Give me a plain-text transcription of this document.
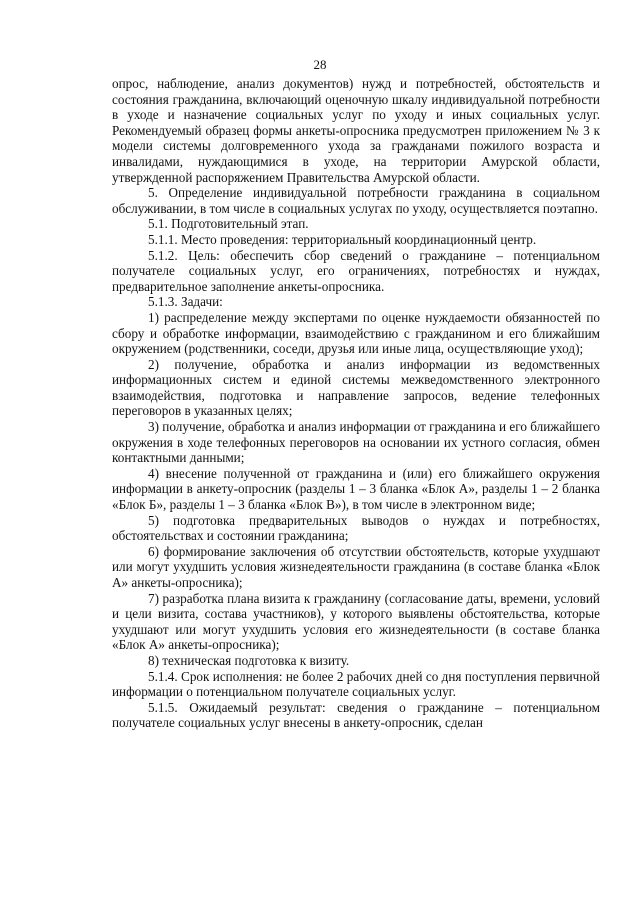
28

опрос, наблюдение, анализ документов) нужд и потребностей, обстоятельств и состояния гражданина, включающий оценочную шкалу индивидуальной потребности в уходе и назначение социальных услуг по уходу и иных социальных услуг. Рекомендуемый образец формы анкеты-опросника предусмотрен приложением № 3 к модели системы долговременного ухода за гражданами пожилого возраста и инвалидами, нуждающимися в уходе, на территории Амурской области, утвержденной распоряжением Правительства Амурской области.

5. Определение индивидуальной потребности гражданина в социальном обслуживании, в том числе в социальных услугах по уходу, осуществляется поэтапно.

5.1. Подготовительный этап.

5.1.1. Место проведения: территориальный координационный центр.

5.1.2. Цель: обеспечить сбор сведений о гражданине – потенциальном получателе социальных услуг, его ограничениях, потребностях и нуждах, предварительное заполнение анкеты-опросника.

5.1.3. Задачи:

1) распределение между экспертами по оценке нуждаемости обязанностей по сбору и обработке информации, взаимодействию с гражданином и его ближайшим окружением (родственники, соседи, друзья или иные лица, осуществляющие уход);

2) получение, обработка и анализ информации из ведомственных информационных систем и единой системы межведомственного электронного взаимодействия, подготовка и направление запросов, ведение телефонных переговоров в указанных целях;

3) получение, обработка и анализ информации от гражданина и его ближайшего окружения в ходе телефонных переговоров на основании их устного согласия, обмен контактными данными;

4) внесение полученной от гражданина и (или) его ближайшего окружения информации в анкету-опросник (разделы 1 – 3 бланка «Блок А», разделы 1 – 2 бланка «Блок Б», разделы 1 – 3 бланка «Блок В»), в том числе в электронном виде;

5) подготовка предварительных выводов о нуждах и потребностях, обстоятельствах и состоянии гражданина;

6) формирование заключения об отсутствии обстоятельств, которые ухудшают или могут ухудшить условия жизнедеятельности гражданина (в составе бланка «Блок А» анкеты-опросника);

7) разработка плана визита к гражданину (согласование даты, времени, условий и цели визита, состава участников), у которого выявлены обстоятельства, которые ухудшают или могут ухудшить условия его жизнедеятельности (в составе бланка «Блок А» анкеты-опросника);

8) техническая подготовка к визиту.

5.1.4. Срок исполнения: не более 2 рабочих дней со дня поступления первичной информации о потенциальном получателе социальных услуг.

5.1.5. Ожидаемый результат: сведения о гражданине – потенциальном получателе социальных услуг внесены в анкету-опросник, сделан
